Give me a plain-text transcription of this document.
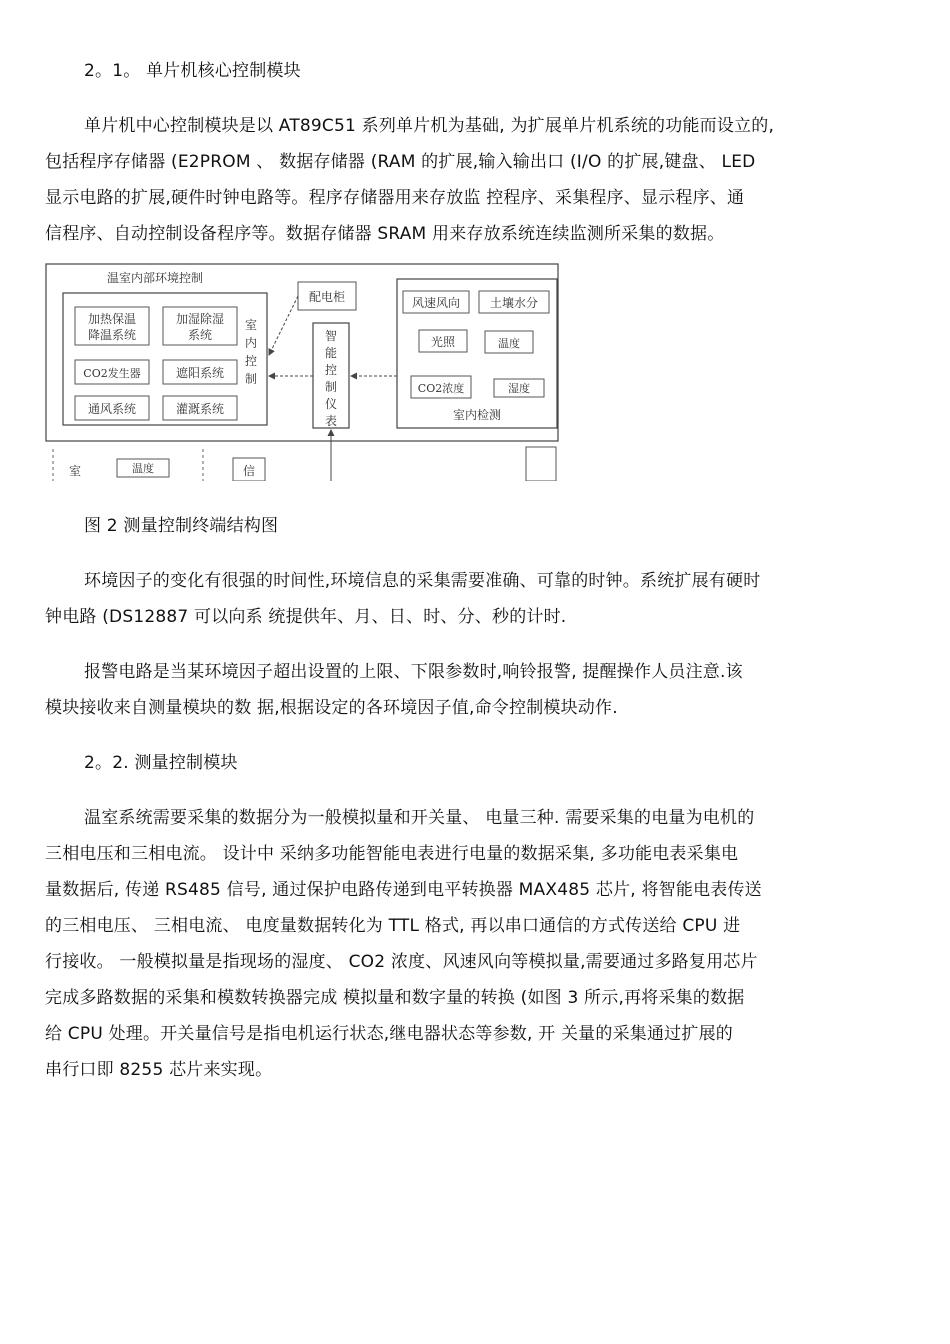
2。1。 单片机核心控制模块
单片机中心控制模块是以 AT89C51 系列单片机为基础, 为扩展单片机系统的功能而设立的,
包括程序存储器 (E2PROM 、 数据存储器 (RAM 的扩展,输入输出口 (I/O 的扩展,键盘、 LED
显示电路的扩展,硬件时钟电路等。程序存储器用来存放监 控程序、采集程序、显示程序、通
信程序、自动控制设备程序等。数据存储器 SRAM 用来存放系统连续监测所采集的数据。
温室内部环境控制
加热保温
降温系统
加湿除湿
系统
CO2发生器	遮阳系统
通风系统	灌溉系统
室
内
控
制
配电柜
智
能
控
制
仪
表
风速风向 土壤水分
光照	温度
CO2浓度	湿度
室内检测
室	温度	信
图 2 测量控制终端结构图
环境因子的变化有很强的时间性,环境信息的采集需要准确、可靠的时钟。系统扩展有硬时
钟电路 (DS12887 可以向系 统提供年、月、日、时、分、秒的计时.
报警电路是当某环境因子超出设置的上限、下限参数时,响铃报警, 提醒操作人员注意.该
模块接收来自测量模块的数 据,根据设定的各环境因子值,命令控制模块动作.
2。2. 测量控制模块
温室系统需要采集的数据分为一般模拟量和开关量、 电量三种. 需要采集的电量为电机的
三相电压和三相电流。 设计中 采纳多功能智能电表进行电量的数据采集, 多功能电表采集电
量数据后, 传递 RS485 信号, 通过保护电路传递到电平转换器 MAX485 芯片, 将智能电表传送
的三相电压、 三相电流、 电度量数据转化为 TTL 格式, 再以串口通信的方式传送给 CPU 进
行接收。 一般模拟量是指现场的湿度、 CO2 浓度、风速风向等模拟量,需要通过多路复用芯片
完成多路数据的采集和模数转换器完成 模拟量和数字量的转换 (如图 3 所示,再将采集的数据
给 CPU 处理。开关量信号是指电机运行状态,继电器状态等参数, 开 关量的采集通过扩展的
串行口即 8255 芯片来实现。
